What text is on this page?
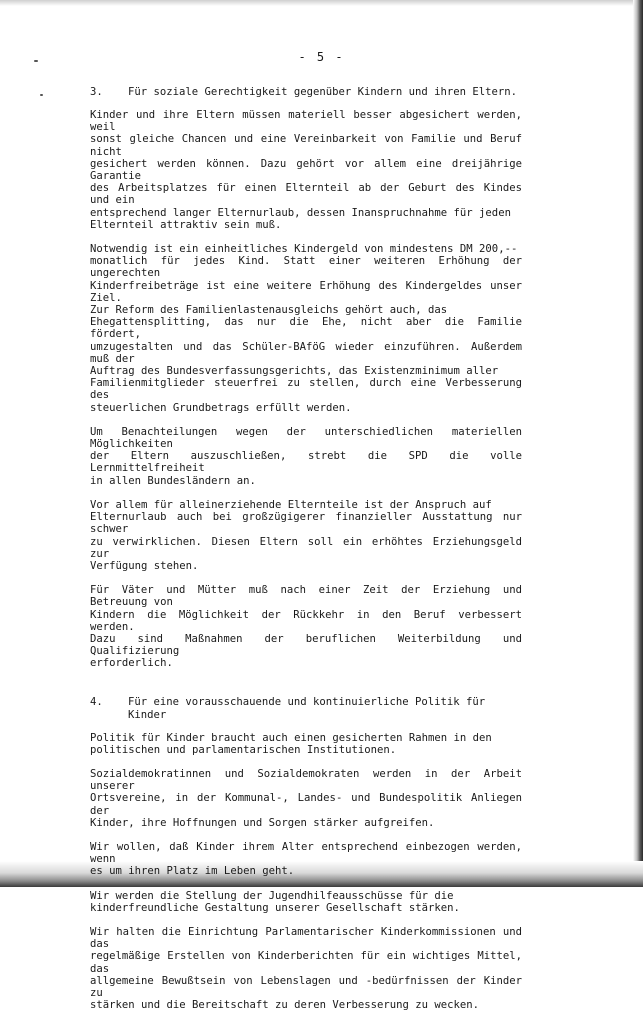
- 5 -
3.	Für soziale Gerechtigkeit gegenüber Kindern und ihren Eltern.

Kinder und ihre Eltern müssen materiell besser abgesichert werden, weil
sonst gleiche Chancen und eine Vereinbarkeit von Familie und Beruf nicht
gesichert werden können. Dazu gehört vor allem eine dreijährige Garantie
des Arbeitsplatzes für einen Elternteil ab der Geburt des Kindes und ein
entsprechend langer Elternurlaub, dessen Inanspruchnahme für jeden
Elternteil attraktiv sein muß.

Notwendig ist ein einheitliches Kindergeld von mindestens DM 200,--
monatlich für jedes Kind. Statt einer weiteren Erhöhung der ungerechten
Kinderfreibeträge ist eine weitere Erhöhung des Kindergeldes unser Ziel.
Zur Reform des Familienlastenausgleichs gehört auch, das
Ehegattensplitting, das nur die Ehe, nicht aber die Familie fördert,
umzugestalten und das Schüler-BAföG wieder einzuführen. Außerdem muß der
Auftrag des Bundesverfassungsgerichts, das Existenzminimum aller
Familienmitglieder steuerfrei zu stellen, durch eine Verbesserung des
steuerlichen Grundbetrags erfüllt werden.

Um Benachteilungen wegen der unterschiedlichen materiellen Möglichkeiten
der Eltern auszuschließen, strebt die SPD die volle Lernmittelfreiheit
in allen Bundesländern an.

Vor allem für alleinerziehende Elternteile ist der Anspruch auf
Elternurlaub auch bei großzügigerer finanzieller Ausstattung nur schwer
zu verwirklichen. Diesen Eltern soll ein erhöhtes Erziehungsgeld zur
Verfügung stehen.

Für Väter und Mütter muß nach einer Zeit der Erziehung und Betreuung von
Kindern die Möglichkeit der Rückkehr in den Beruf verbessert werden.
Dazu sind Maßnahmen der beruflichen Weiterbildung und Qualifizierung
erforderlich.

4.	Für eine vorausschauende und kontinuierliche Politik für Kinder

Politik für Kinder braucht auch einen gesicherten Rahmen in den
politischen und parlamentarischen Institutionen.

Sozialdemokratinnen und Sozialdemokraten werden in der Arbeit unserer
Ortsvereine, in der Kommunal-, Landes- und Bundespolitik Anliegen der
Kinder, ihre Hoffnungen und Sorgen stärker aufgreifen.

Wir wollen, daß Kinder ihrem Alter entsprechend einbezogen werden, wenn
es um ihren Platz im Leben geht.

Wir werden die Stellung der Jugendhilfeausschüsse für die
kinderfreundliche Gestaltung unserer Gesellschaft stärken.

Wir halten die Einrichtung Parlamentarischer Kinderkommissionen und das
regelmäßige Erstellen von Kinderberichten für ein wichtiges Mittel, das
allgemeine Bewußtsein von Lebenslagen und -bedürfnissen der Kinder zu
stärken und die Bereitschaft zu deren Verbesserung zu wecken.
